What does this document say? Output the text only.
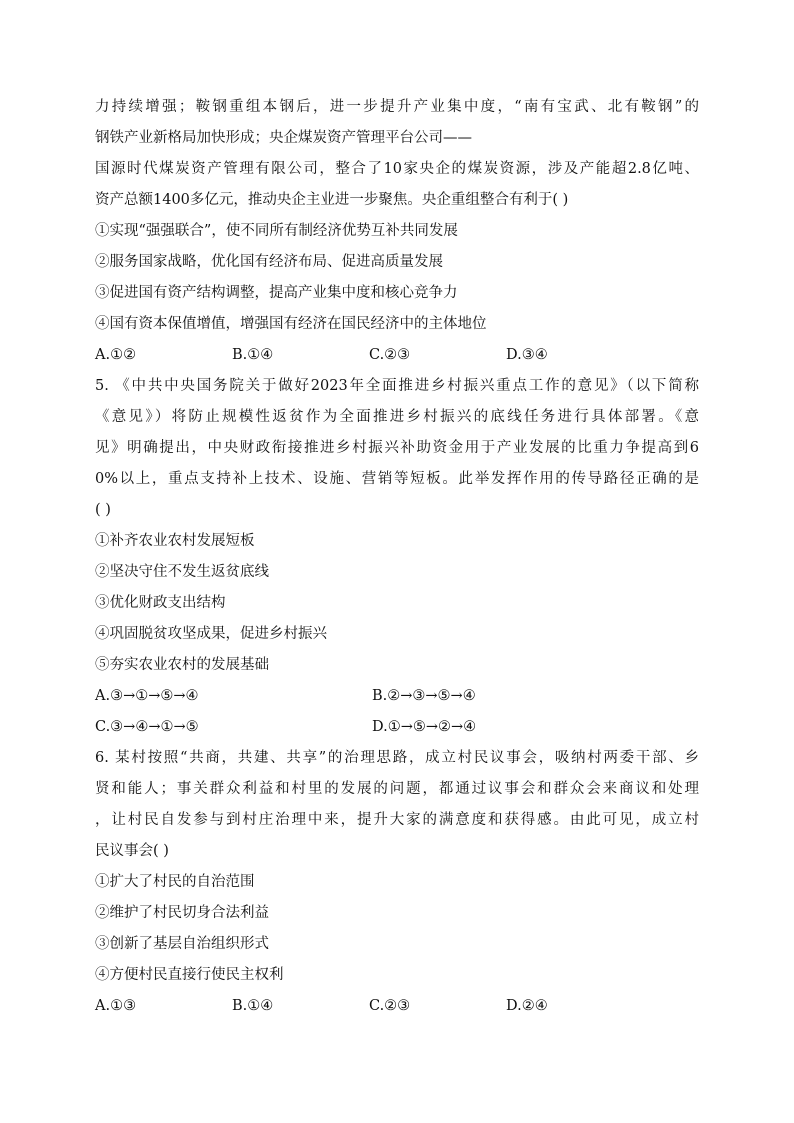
力持续增强；鞍钢重组本钢后，进一步提升产业集中度，“南有宝武、北有鞍钢”的
钢铁产业新格局加快形成；央企煤炭资产管理平台公司——
国源时代煤炭资产管理有限公司，整合了10家央企的煤炭资源，涉及产能超2.8亿吨、
资产总额1400多亿元，推动央企主业进一步聚焦。央企重组整合有利于( )
①实现“强强联合”，使不同所有制经济优势互补共同发展
②服务国家战略，优化国有经济布局、促进高质量发展
③促进国有资产结构调整，提高产业集中度和核心竞争力
④国有资本保值增值，增强国有经济在国民经济中的主体地位
A.①②	B.①④	C.②③	D.③④
5. 《中共中央国务院关于做好2023年全面推进乡村振兴重点工作的意见》（以下简称
《意见》）将防止规模性返贫作为全面推进乡村振兴的底线任务进行具体部署。《意
见》明确提出，中央财政衔接推进乡村振兴补助资金用于产业发展的比重力争提高到6
0%以上，重点支持补上技术、设施、营销等短板。此举发挥作用的传导路径正确的是
( )
①补齐农业农村发展短板
②坚决守住不发生返贫底线
③优化财政支出结构
④巩固脱贫攻坚成果，促进乡村振兴
⑤夯实农业农村的发展基础
A.③→①→⑤→④	B.②→③→⑤→④
C.③→④→①→⑤	D.①→⑤→②→④
6. 某村按照“共商，共建、共享”的治理思路，成立村民议事会，吸纳村两委干部、乡
贤和能人；事关群众利益和村里的发展的问题，都通过议事会和群众会来商议和处理
，让村民自发参与到村庄治理中来，提升大家的满意度和获得感。由此可见，成立村
民议事会( )
①扩大了村民的自治范围
②维护了村民切身合法利益
③创新了基层自治组织形式
④方便村民直接行使民主权利
A.①③	B.①④	C.②③	D.②④
